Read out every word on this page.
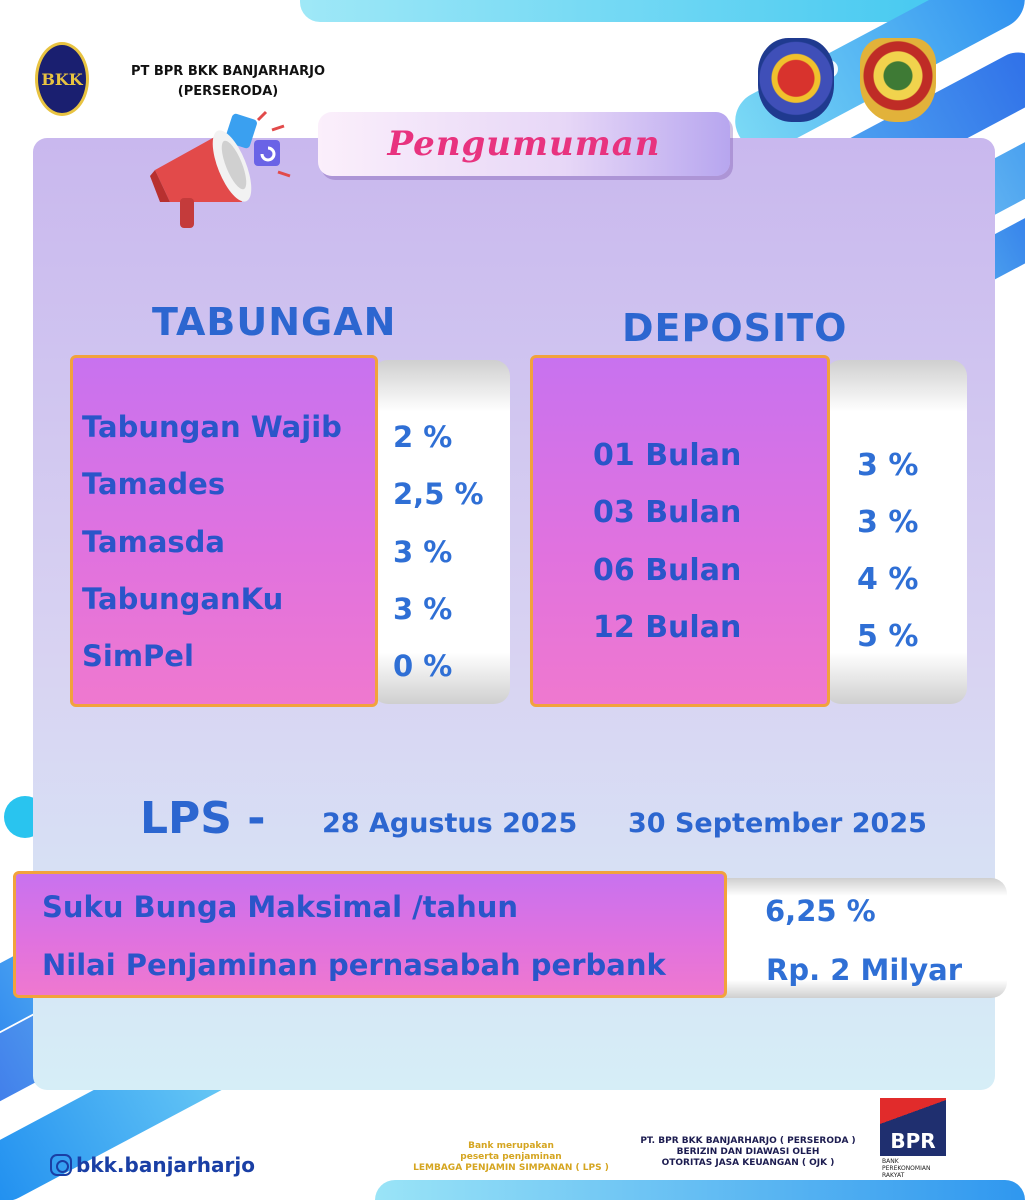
BKK	PT BPR BKK BANJARHARJO
(PERSERODA)
Pengumuman
TABUNGAN
Tabungan Wajib 2 %
Tamades	2,5 %
Tamasda	3 %
TabunganKu	3 %
SimPel	0 %
DEPOSITO
01 Bulan	3 %
03 Bulan	3 %
06 Bulan	4 %
12 Bulan	5 %
LPS - 28 Agustus 2025 30 September 2025
Suku Bunga Maksimal /tahun	6,25 %
Nilai Penjaminan pernasabah perbank	Rp. 2 Milyar
bkk.banjarharjo
Bank merupakan
peserta penjaminan
LEMBAGA PENJAMIN SIMPANAN ( LPS )
PT. BPR BKK BANJARHARJO ( PERSERODA )
BERIZIN DAN DIAWASI OLEH
OTORITAS JASA KEUANGAN ( OJK )
BPR
BANK
PEREKONOMIAN
RAKYAT
